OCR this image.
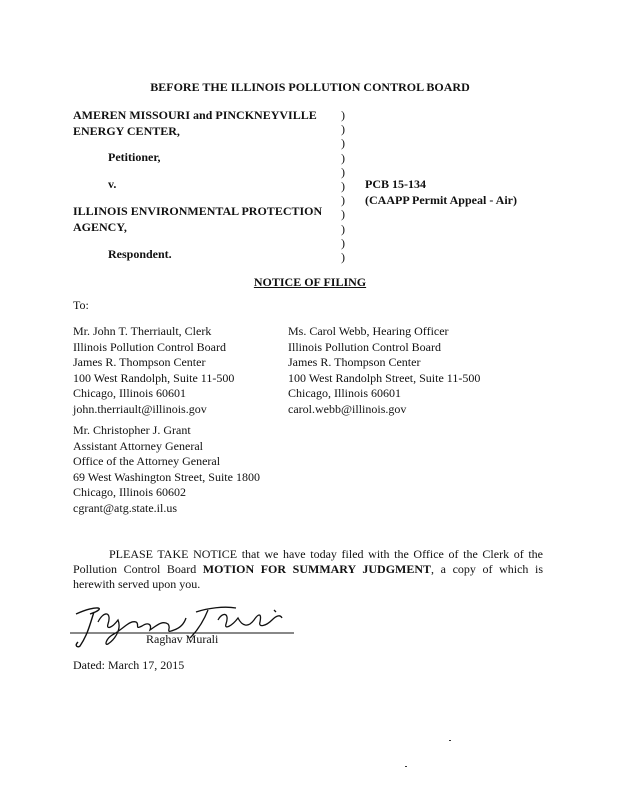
BEFORE THE ILLINOIS POLLUTION CONTROL BOARD
AMEREN MISSOURI and PINCKNEYVILLE
ENERGY CENTER,
Petitioner,
v.
ILLINOIS ENVIRONMENTAL PROTECTION
AGENCY,
Respondent.
)
)
)
)
)
)
)
)
)
)
)
PCB 15-134
(CAAPP Permit Appeal - Air)
NOTICE OF FILING
To:
Mr. John T. Therriault, Clerk
Illinois Pollution Control Board
James R. Thompson Center
100 West Randolph, Suite 11-500
Chicago, Illinois 60601
john.therriault@illinois.gov
Ms. Carol Webb, Hearing Officer
Illinois Pollution Control Board
James R. Thompson Center
100 West Randolph Street, Suite 11-500
Chicago, Illinois 60601
carol.webb@illinois.gov
Mr. Christopher J. Grant
Assistant Attorney General
Office of the Attorney General
69 West Washington Street, Suite 1800
Chicago, Illinois 60602
cgrant@atg.state.il.us
PLEASE TAKE NOTICE that we have today filed with the Office of the Clerk of the Pollution Control Board MOTION FOR SUMMARY JUDGMENT, a copy of which is herewith served upon you.
Raghav Murali
Dated: March 17, 2015
